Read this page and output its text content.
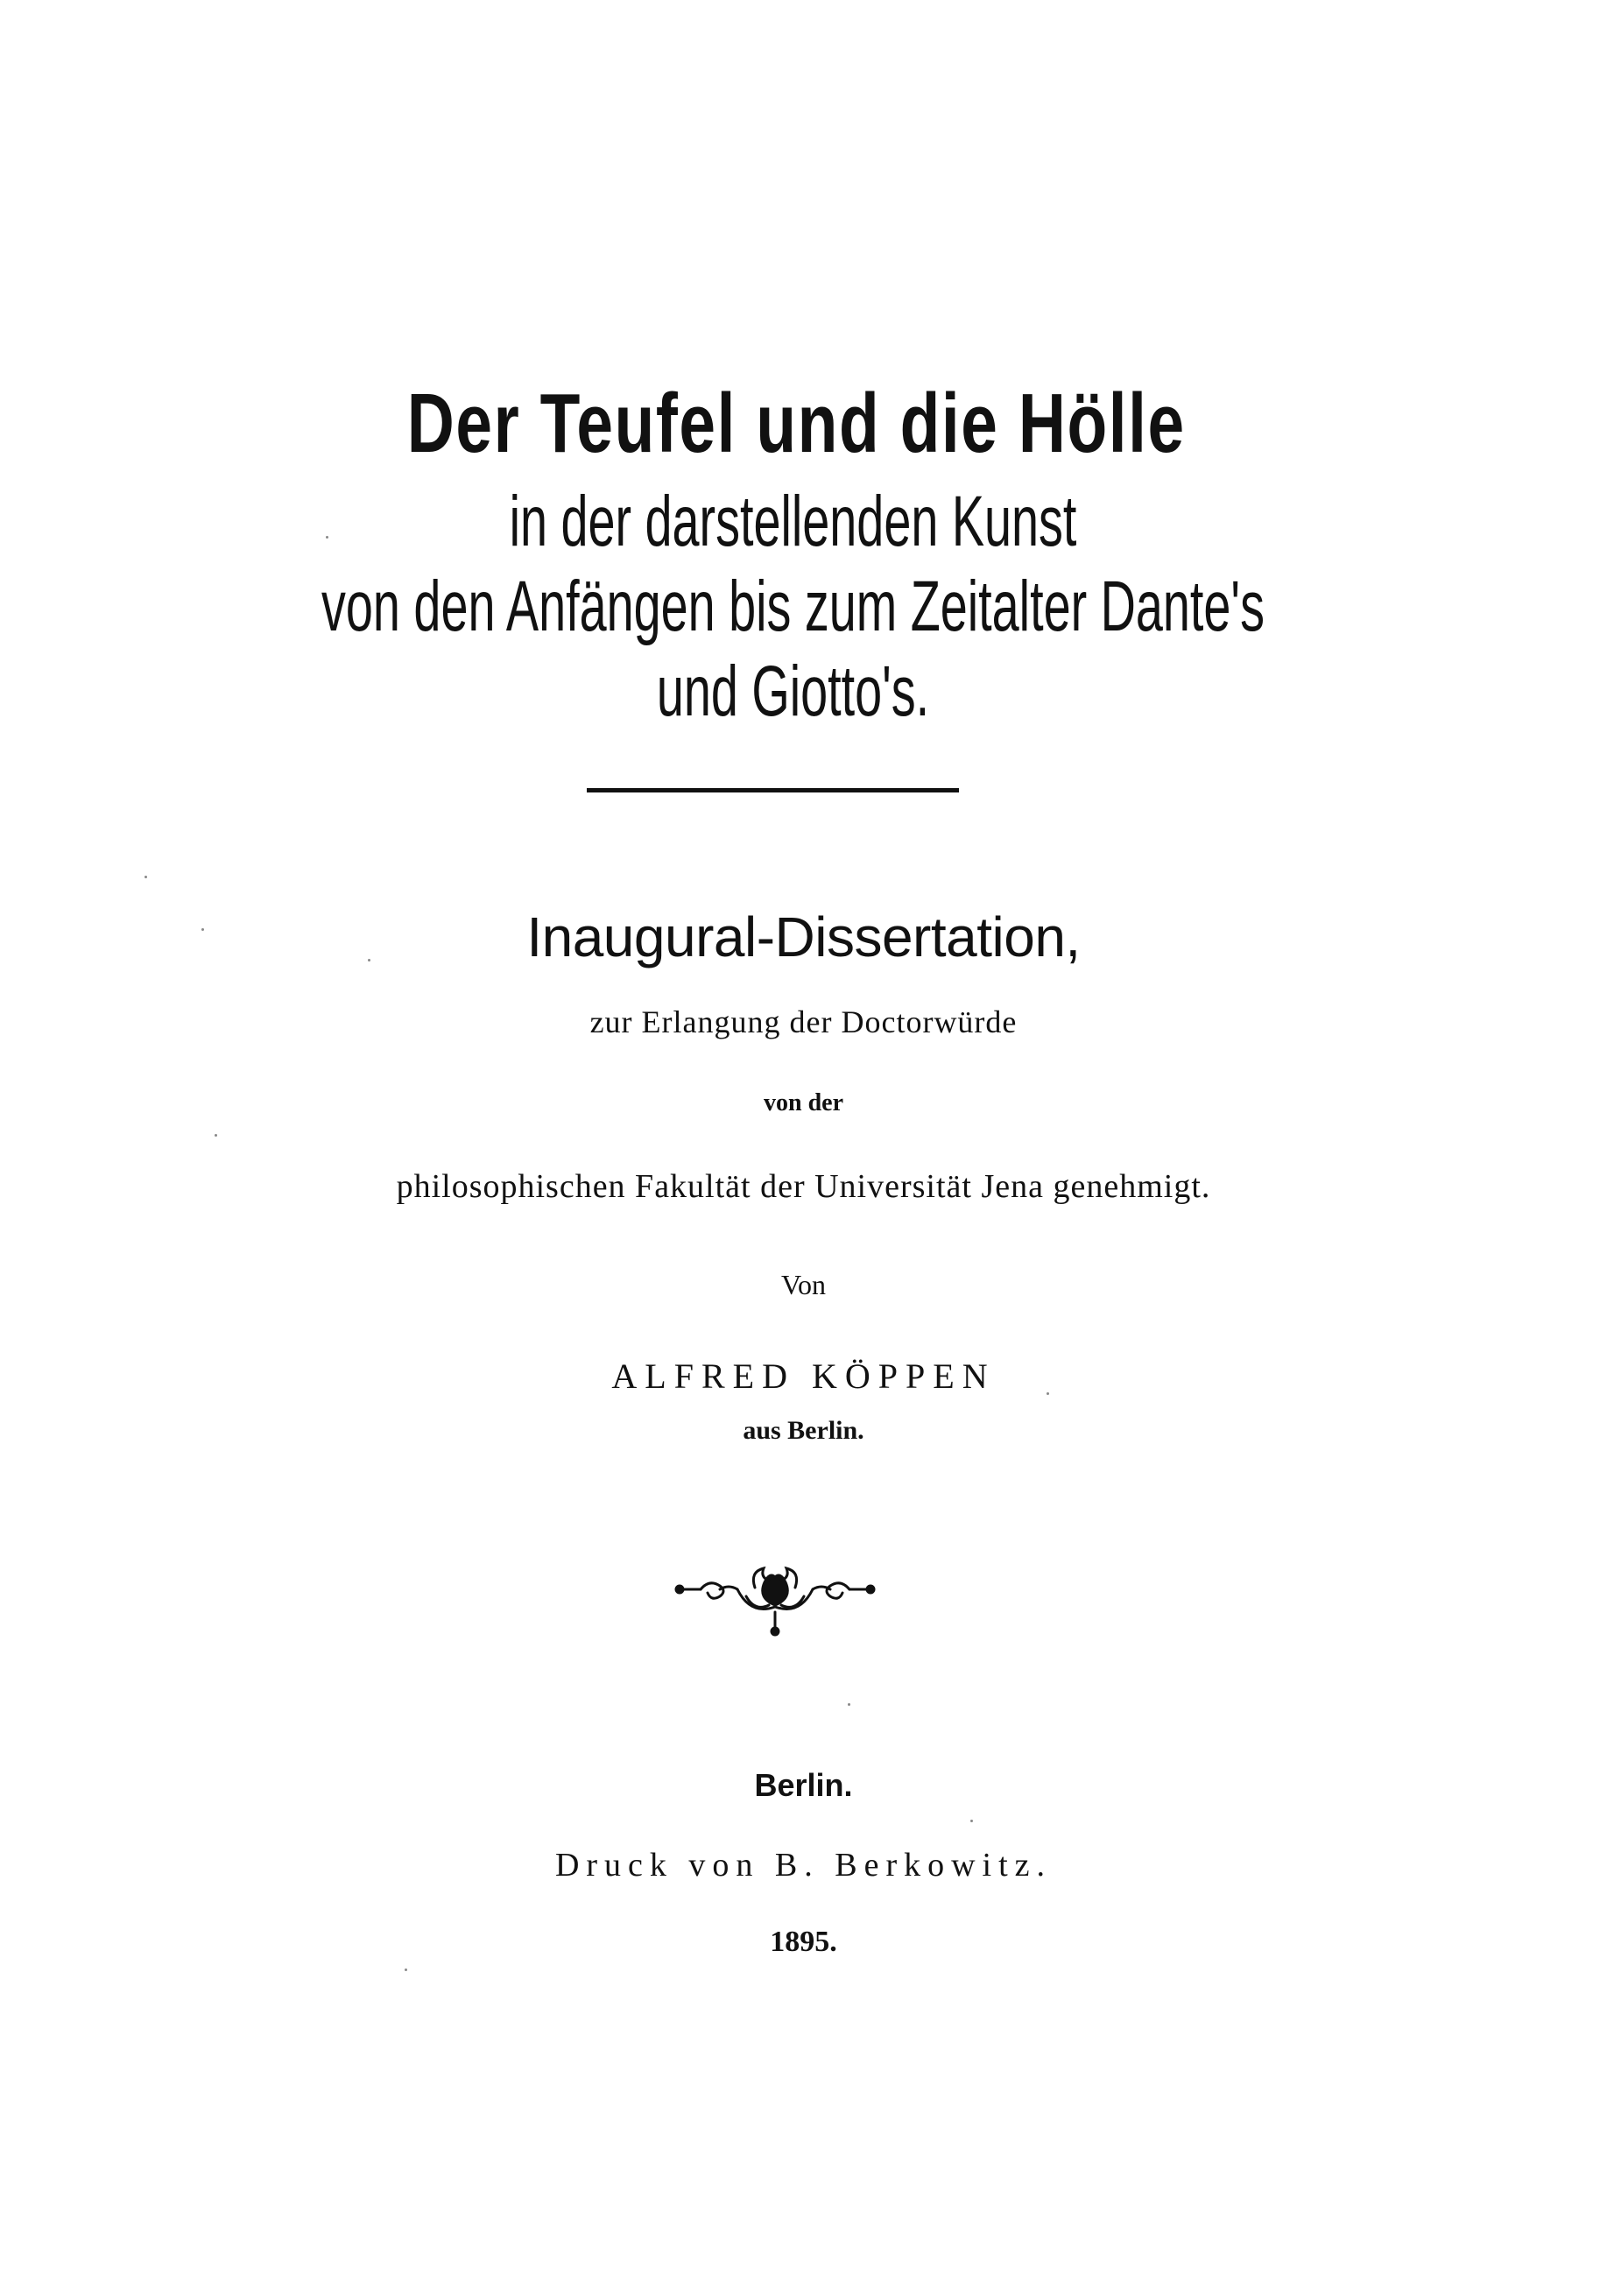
Der Teufel und die Hölle
in der darstellenden Kunst
von den Anfängen bis zum Zeitalter Dante's
und Giotto's.
Inaugural-Dissertation,
zur Erlangung der Doctorwürde
von der
philosophischen Fakultät der Universität Jena genehmigt.
Von
ALFRED KÖPPEN
aus Berlin.
Berlin.
Druck von B. Berkowitz.
1895.
